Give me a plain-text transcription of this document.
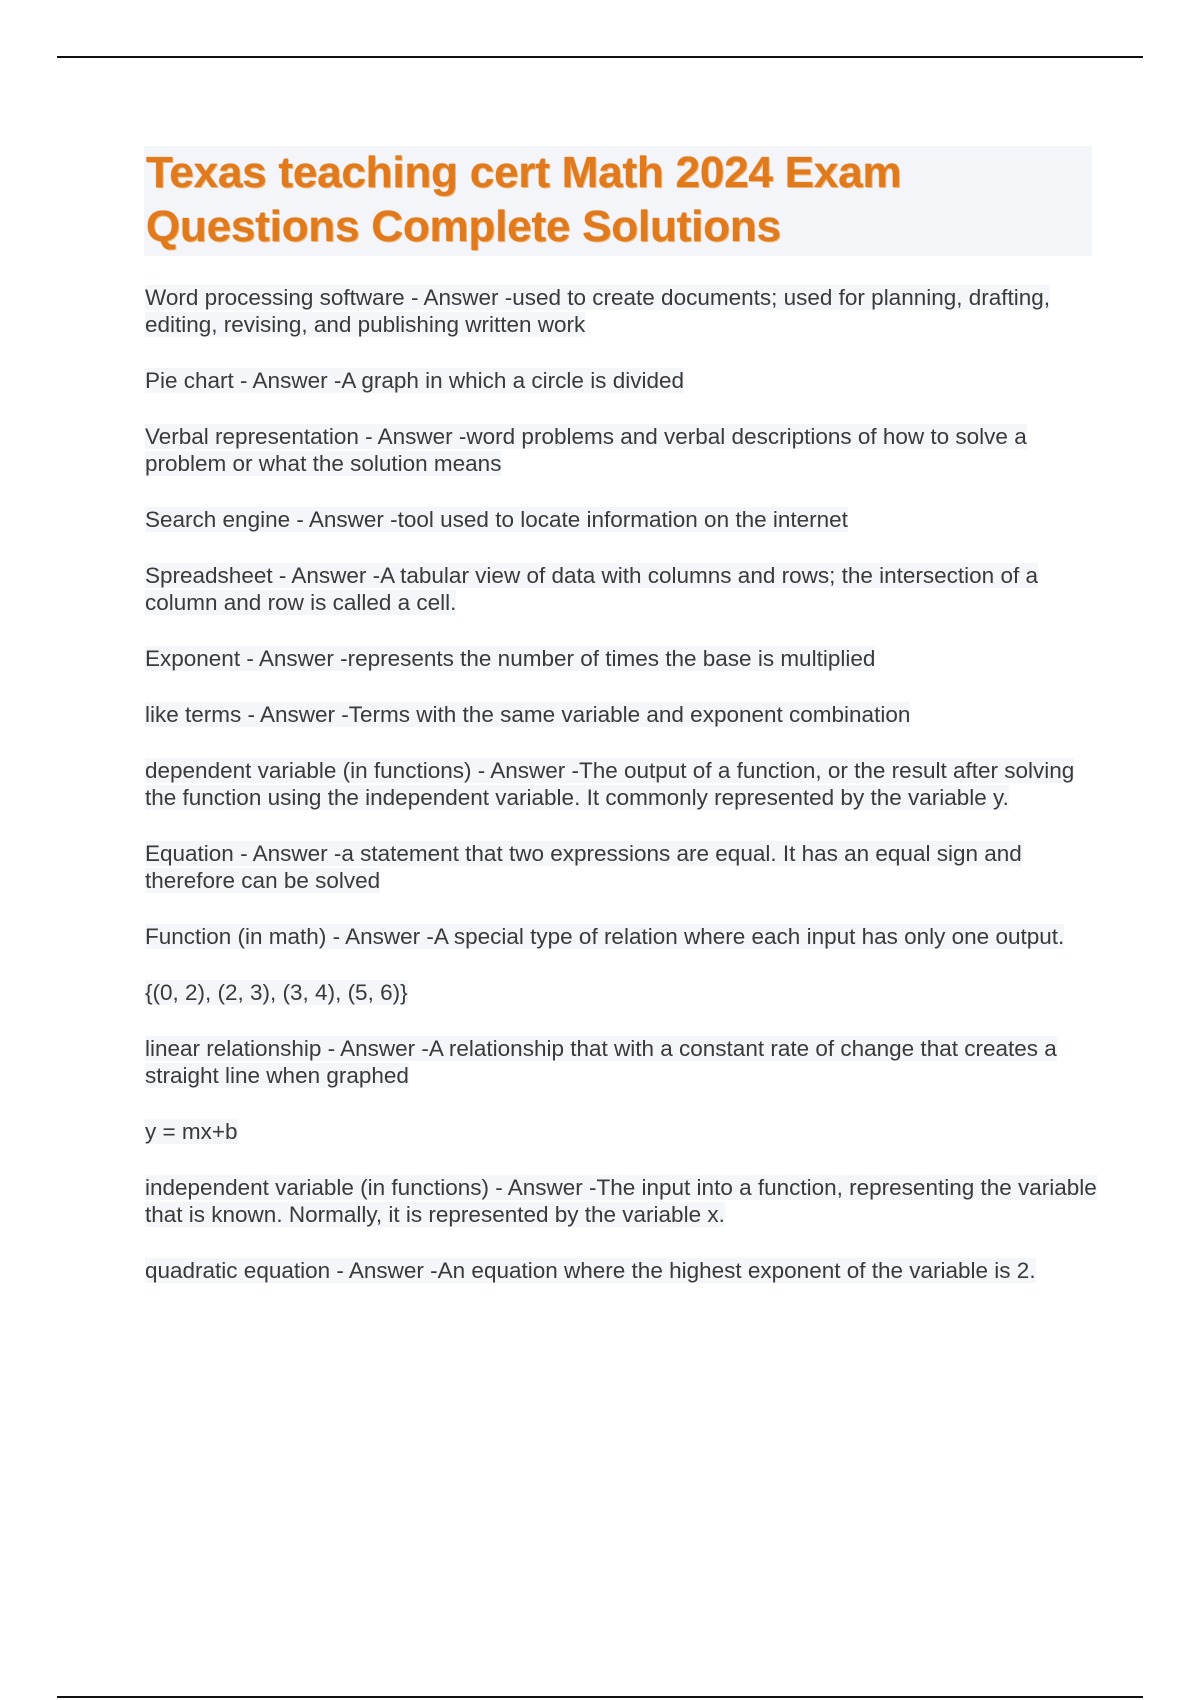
Texas teaching cert Math 2024 Exam
Questions Complete Solutions

Word processing software - Answer -used to create documents; used for planning, drafting, editing, revising, and publishing written work

Pie chart - Answer -A graph in which a circle is divided

Verbal representation - Answer -word problems and verbal descriptions of how to solve a problem or what the solution means

Search engine - Answer -tool used to locate information on the internet

Spreadsheet - Answer -A tabular view of data with columns and rows; the intersection of a column and row is called a cell.

Exponent - Answer -represents the number of times the base is multiplied

like terms - Answer -Terms with the same variable and exponent combination

dependent variable (in functions) - Answer -The output of a function, or the result after solving the function using the independent variable. It commonly represented by the variable y.

Equation - Answer -a statement that two expressions are equal. It has an equal sign and therefore can be solved

Function (in math) - Answer -A special type of relation where each input has only one output.

{(0, 2), (2, 3), (3, 4), (5, 6)}

linear relationship - Answer -A relationship that with a constant rate of change that creates a straight line when graphed

y = mx+b

independent variable (in functions) - Answer -The input into a function, representing the variable that is known. Normally, it is represented by the variable x.

quadratic equation - Answer -An equation where the highest exponent of the variable is 2.
